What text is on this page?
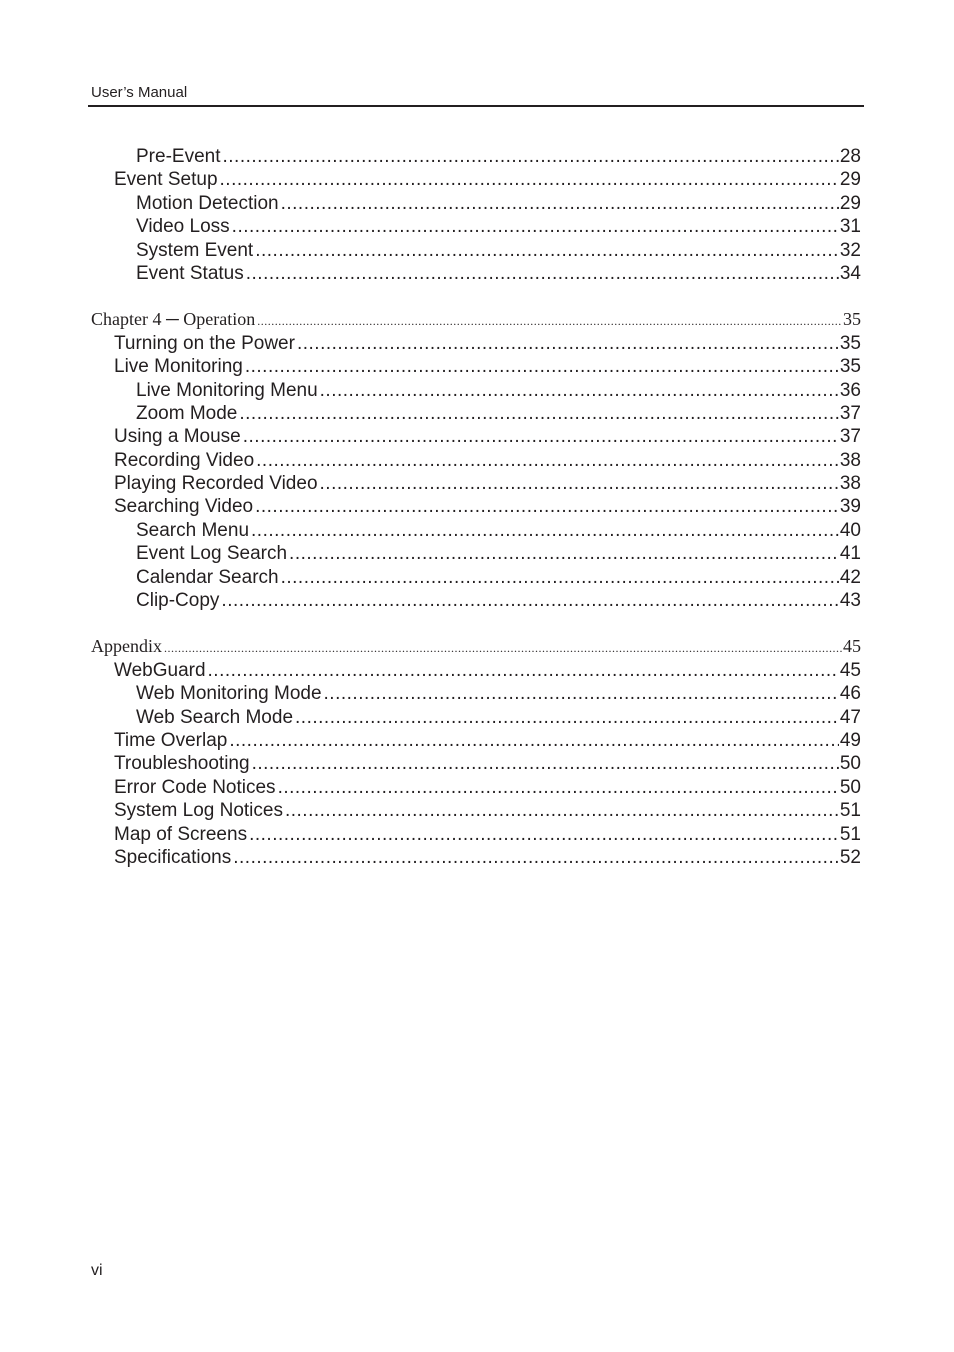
User’s Manual
Pre-Event .....	28
Event Setup .....	29
Motion Detection .....	29
Video Loss .....	31
System Event .....	32
Event Status .....	34
Chapter 4 ─ Operation .....	35
Turning on the Power .....	35
Live Monitoring .....	35
Live Monitoring Menu .....	36
Zoom Mode .....	37
Using a Mouse .....	37
Recording Video .....	38
Playing Recorded Video .....	38
Searching Video .....	39
Search Menu .....	40
Event Log Search .....	41
Calendar Search .....	42
Clip-Copy .....	43
Appendix .....	45
WebGuard .....	45
Web Monitoring Mode .....	46
Web Search Mode .....	47
Time Overlap .....	49
Troubleshooting .....	50
Error Code Notices .....	50
System Log Notices .....	51
Map of Screens .....	51
Specifications .....	52
vi
